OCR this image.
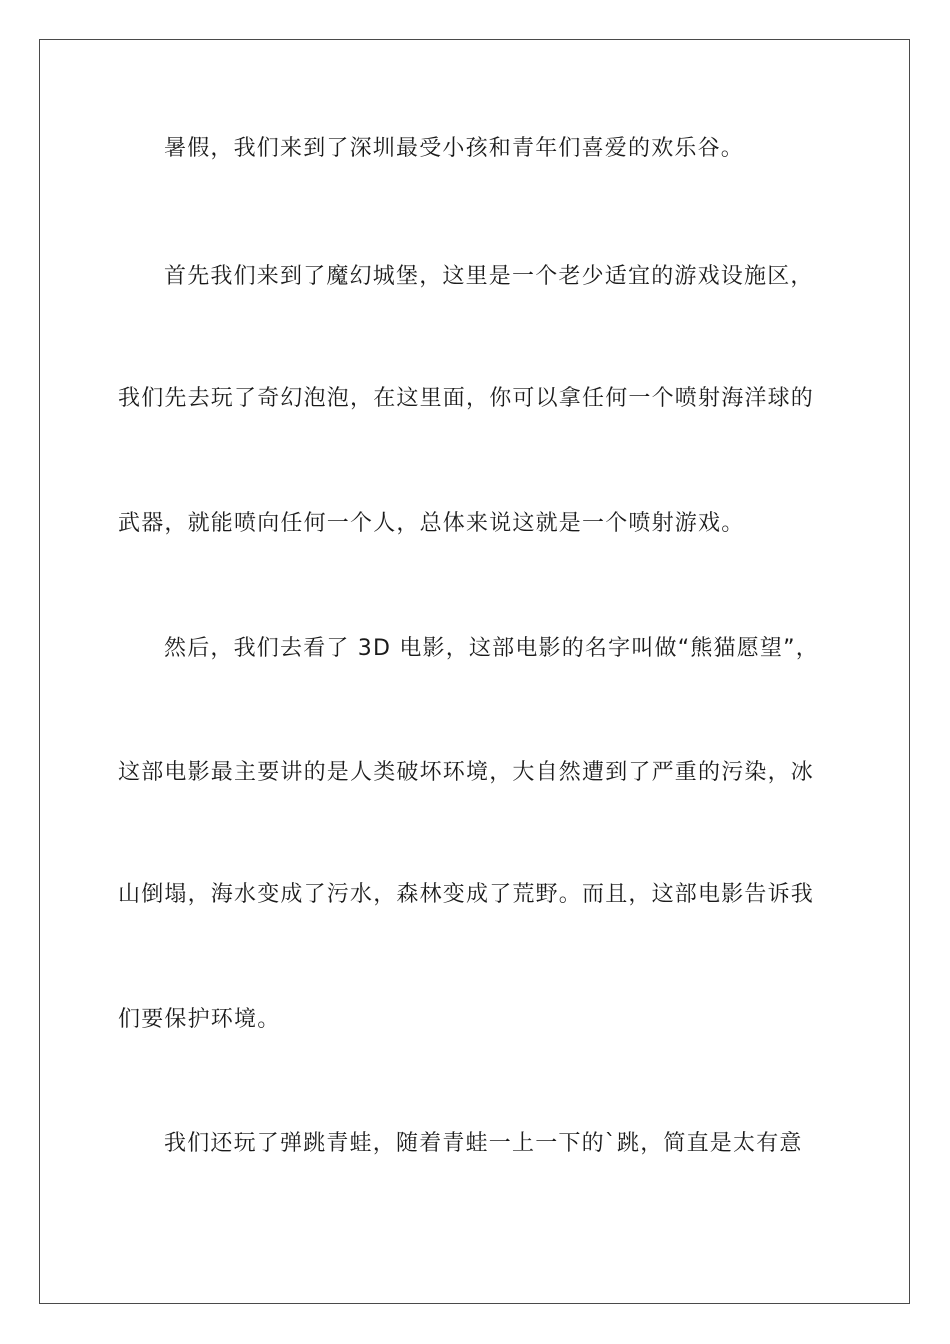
暑假，我们来到了深圳最受小孩和青年们喜爱的欢乐谷。
首先我们来到了魔幻城堡，这里是一个老少适宜的游戏设施区，
我们先去玩了奇幻泡泡，在这里面，你可以拿任何一个喷射海洋球的
武器，就能喷向任何一个人，总体来说这就是一个喷射游戏。
然后，我们去看了 3D 电影，这部电影的名字叫做“熊猫愿望”，
这部电影最主要讲的是人类破坏环境，大自然遭到了严重的污染，冰
山倒塌，海水变成了污水，森林变成了荒野。而且，这部电影告诉我
们要保护环境。
我们还玩了弹跳青蛙，随着青蛙一上一下的`跳，简直是太有意
